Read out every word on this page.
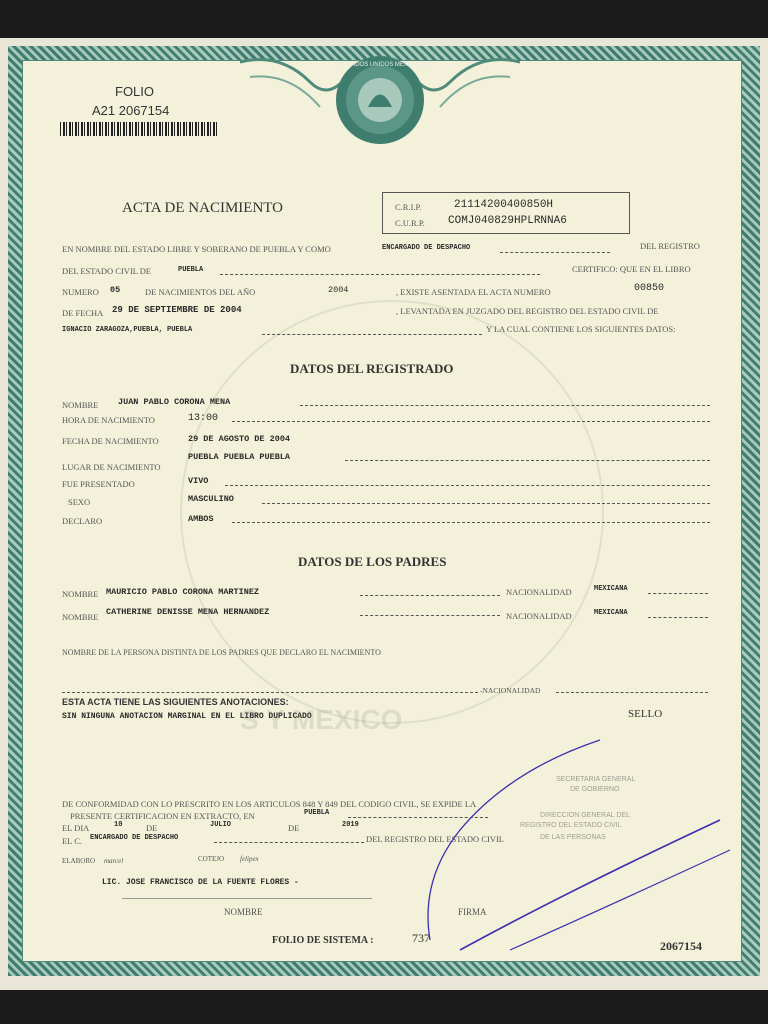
ESTADOS UNIDOS MEXICANOS
FOLIO
A21 2067154
ACTA DE NACIMIENTO	C.R.I.P.	21114200400850H
C.U.R.P. COMJ040829HPLRNNA6
EN NOMBRE DEL ESTADO LIBRE Y SOBERANO DE PUEBLA Y COMO	ENCARGADO DE DESPACHO	DEL REGISTRO
DEL ESTADO CIVIL DE	PUEBLA	CERTIFICO: QUE EN EL LIBRO
NUMERO 05	DE NACIMIENTOS DEL AÑO	2004	, EXISTE ASENTADA EL ACTA NUMERO	00850
DE FECHA 29 DE SEPTIEMBRE DE 2004	, LEVANTADA EN JUZGADO DEL REGISTRO DEL ESTADO CIVIL DE
IGNACIO ZARAGOZA,PUEBLA, PUEBLA	Y LA CUAL CONTIENE LOS SIGUIENTES DATOS:
DATOS DEL REGISTRADO
NOMBRE JUAN PABLO CORONA MENA
HORA DE NACIMIENTO	13:00
FECHA DE NACIMIENTO	29 DE AGOSTO DE 2004
LUGAR DE NACIMIENTO
PUEBLA PUEBLA PUEBLA
FUE PRESENTADO	VIVO
SEXO	MASCULINO
DECLARO	AMBOS
DATOS DE LOS PADRES
NOMBRE MAURICIO PABLO CORONA MARTINEZ	NACIONALIDAD	MEXICANA
NOMBRE CATHERINE DENISSE MENA HERNANDEZ	NACIONALIDAD	MEXICANA
NOMBRE DE LA PERSONA DISTINTA DE LOS PADRES QUE DECLARO EL NACIMIENTO
-NACIONALIDAD
ESTA ACTA TIENE LAS SIGUIENTES ANOTACIONES:
SIN NINGUNA ANOTACION MARGINAL EN EL LIBRO DUPLICADO	SELLO
S Y MEXICO
SECRETARIA GENERAL
DE GOBIERNO
DIRECCION GENERAL DEL
REGISTRO DEL ESTADO CIVIL
DE LAS PERSONAS
DE CONFORMIDAD CON LO PRESCRITO EN LOS ARTICULOS 848 Y 849 DEL CODIGO CIVIL, SE EXPIDE LA
PRESENTE CERTIFICACION EN EXTRACTO, EN	PUEBLA
EL DIA	10	DE	JULIO	DE	2019
EL C. ENCARGADO DE DESPACHO	DEL REGISTRO DEL ESTADO CIVIL
ELABORO marcel	COTEJO felipex
LIC. JOSE FRANCISCO DE LA FUENTE FLORES -
NOMBRE	FIRMA
FOLIO DE SISTEMA :	737
2067154
